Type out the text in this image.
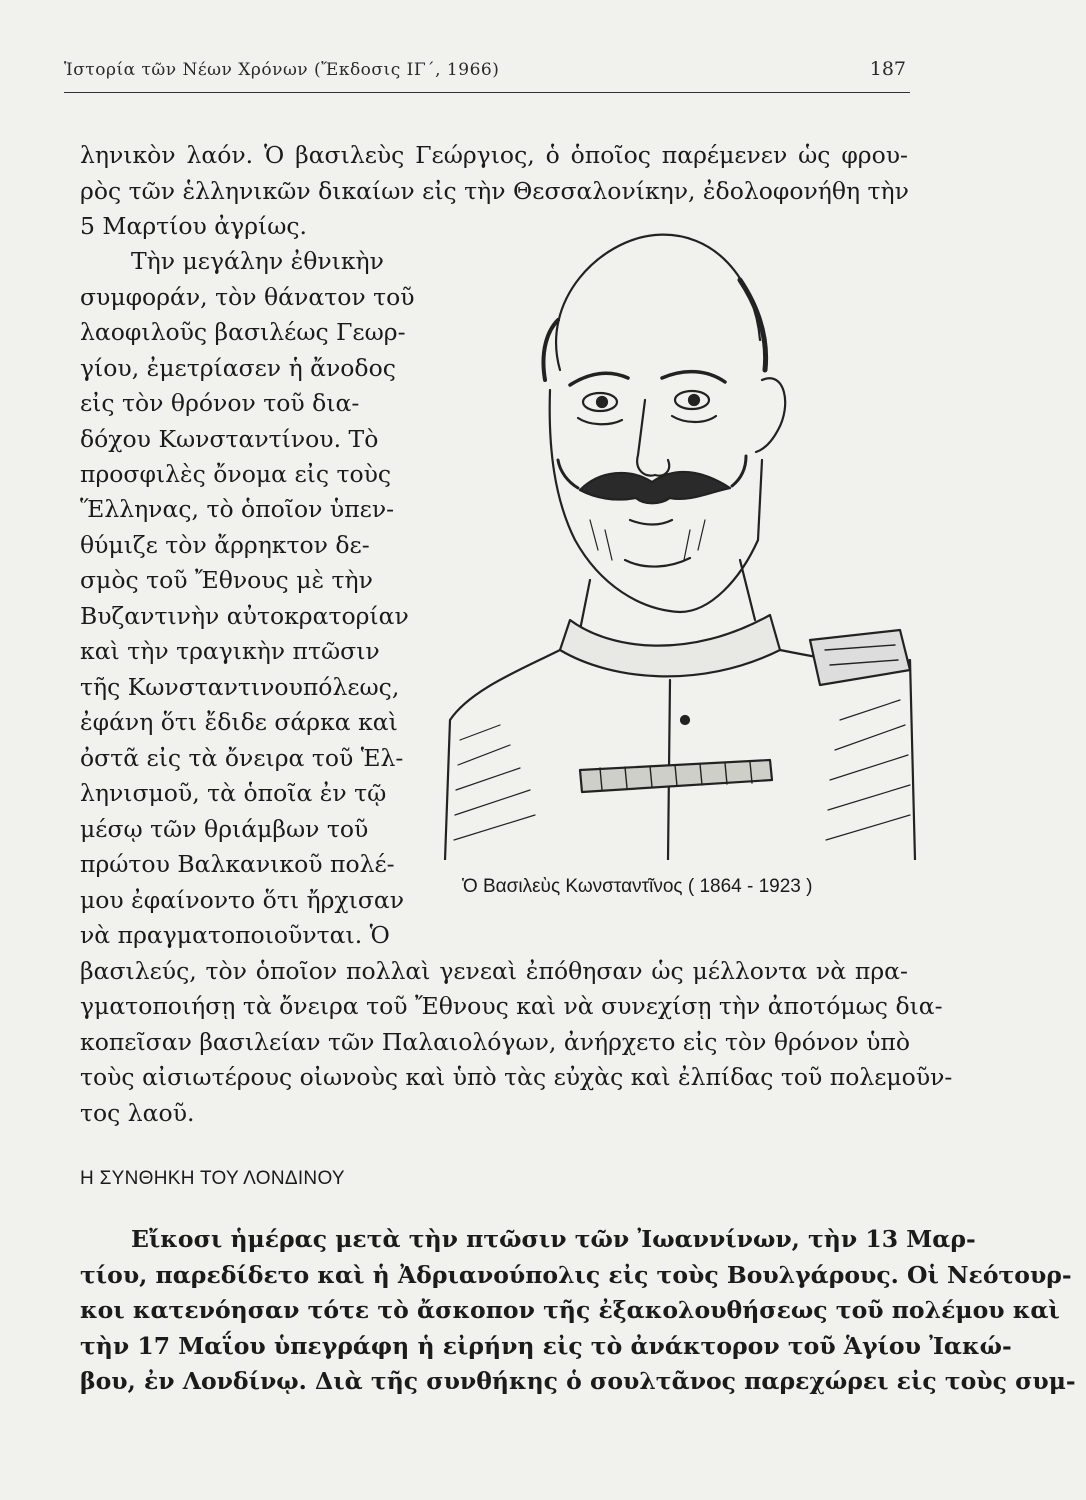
Ἱστορία τῶν Νέων Χρόνων (Ἔκδοσις ΙΓ΄, 1966)	187
ληνικὸν λαόν. Ὁ βασιλεὺς Γεώργιος, ὁ ὁποῖος παρέμενεν ὡς φρου-
ρὸς τῶν ἑλληνικῶν δικαίων εἰς τὴν Θεσσαλονίκην, ἐδολοφονήθη τὴν
5 Μαρτίου ἀγρίως.
Τὴν μεγάλην ἐθνικὴν
συμφοράν, τὸν θάνατον τοῦ
λαοφιλοῦς βασιλέως Γεωρ-
γίου, ἐμετρίασεν ἡ ἄνοδος
εἰς τὸν θρόνον τοῦ δια-
δόχου Κωνσταντίνου. Τὸ
προσφιλὲς ὄνομα εἰς τοὺς
Ἕλληνας, τὸ ὁποῖον ὑπεν-
θύμιζε τὸν ἄρρηκτον δε-
σμὸς τοῦ Ἔθνους μὲ τὴν
Βυζαντινὴν αὐτοκρατορίαν
καὶ τὴν τραγικὴν πτῶσιν
τῆς Κωνσταντινουπόλεως,
ἐφάνη ὅτι ἔδιδε σάρκα καὶ
ὀστᾶ εἰς τὰ ὄνειρα τοῦ Ἑλ-
ληνισμοῦ, τὰ ὁποῖα ἐν τῷ
μέσῳ τῶν θριάμβων τοῦ
πρώτου Βαλκανικοῦ πολέ-
μου ἐφαίνοντο ὅτι ἤρχισαν
νὰ πραγματοποιοῦνται. Ὁ
βασιλεύς, τὸν ὁποῖον πολλαὶ γενεαὶ ἐπόθησαν ὡς μέλλοντα νὰ πρα-
γματοποιήσῃ τὰ ὄνειρα τοῦ Ἔθνους καὶ νὰ συνεχίσῃ τὴν ἀποτόμως δια-
κοπεῖσαν βασιλείαν τῶν Παλαιολόγων, ἀνήρχετο εἰς τὸν θρόνον ὑπὸ
τοὺς αἰσιωτέρους οἰωνοὺς καὶ ὑπὸ τὰς εὐχὰς καὶ ἐλπίδας τοῦ πολεμοῦν-
τος λαοῦ.
Ὁ Βασιλεὺς Κωνσταντῖνος ( 1864 - 1923 )
Η ΣΥΝΘΗΚΗ ΤΟΥ ΛΟΝΔΙΝΟΥ
Εἴκοσι ἡμέρας μετὰ τὴν πτῶσιν τῶν Ἰωαννίνων, τὴν 13 Μαρ-
τίου, παρεδίδετο καὶ ἡ Ἀδριανούπολις εἰς τοὺς Βουλγάρους. Οἱ Νεότουρ-
κοι κατενόησαν τότε τὸ ἄσκοπον τῆς ἐξακολουθήσεως τοῦ πολέμου καὶ
τὴν 17 Μαΐου ὑπεγράφη ἡ εἰρήνη εἰς τὸ ἀνάκτορον τοῦ Ἁγίου Ἰακώ-
βου, ἐν Λονδίνῳ. Διὰ τῆς συνθήκης ὁ σουλτᾶνος παρεχώρει εἰς τοὺς συμ-
